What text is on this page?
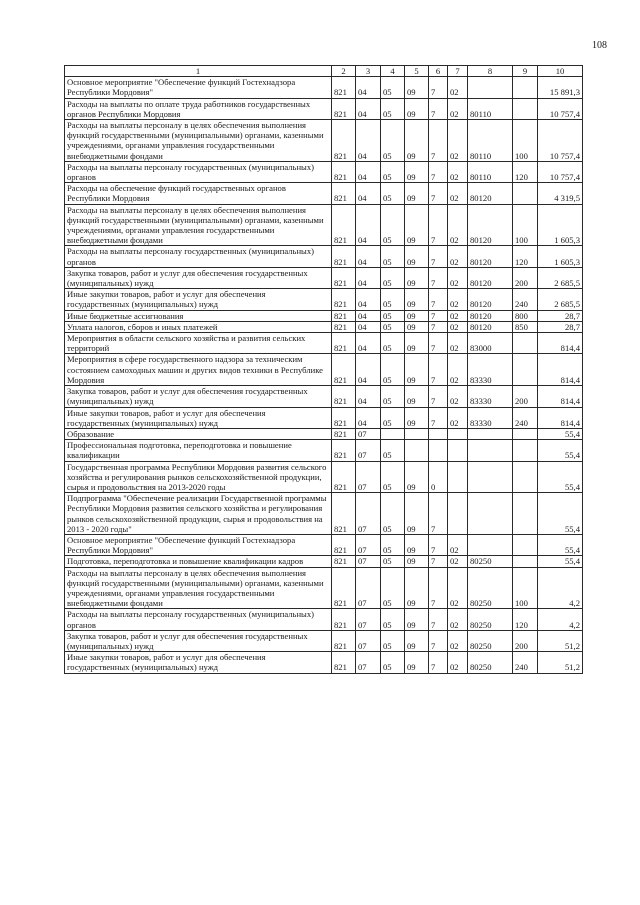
108
1	2	3	4	5	6	7	8	9	10
Основное мероприятие "Обеспечение функций Гостехнадзора Республики Мордовия"	821	04	05	09	7	02			15 891,3
Расходы на выплаты по оплате труда работников государственных органов Республики Мордовия	821	04	05	09	7	02	80110		10 757,4
Расходы на выплаты персоналу в целях обеспечения выполнения функций государственными (муниципальными) органами, казенными учреждениями, органами управления государственными внебюджетными фондами	821	04	05	09	7	02	80110	100	10 757,4
Расходы на выплаты персоналу государственных (муниципальных) органов	821	04	05	09	7	02	80110	120	10 757,4
Расходы на обеспечение функций государственных органов Республики Мордовия	821	04	05	09	7	02	80120		4 319,5
Расходы на выплаты персоналу в целях обеспечения выполнения функций государственными (муниципальными) органами, казенными учреждениями, органами управления государственными внебюджетными фондами	821	04	05	09	7	02	80120	100	1 605,3
Расходы на выплаты персоналу государственных (муниципальных) органов	821	04	05	09	7	02	80120	120	1 605,3
Закупка товаров, работ и услуг для обеспечения государственных (муниципальных) нужд	821	04	05	09	7	02	80120	200	2 685,5
Иные закупки товаров, работ и услуг для обеспечения государственных (муниципальных) нужд	821	04	05	09	7	02	80120	240	2 685,5
Иные бюджетные ассигнования	821	04	05	09	7	02	80120	800	28,7
Уплата налогов, сборов и иных платежей	821	04	05	09	7	02	80120	850	28,7
Мероприятия в области сельского хозяйства и развития сельских территорий	821	04	05	09	7	02	83000		814,4
Мероприятия в сфере государственного надзора за техническим состоянием самоходных машин и других видов техники в Республике Мордовия	821	04	05	09	7	02	83330		814,4
Закупка товаров, работ и услуг для обеспечения государственных (муниципальных) нужд	821	04	05	09	7	02	83330	200	814,4
Иные закупки товаров, работ и услуг для обеспечения государственных (муниципальных) нужд	821	04	05	09	7	02	83330	240	814,4
Образование	821	07							55,4
Профессиональная подготовка, переподготовка и повышение квалификации	821	07	05						55,4
Государственная программа Республики Мордовия развития сельского хозяйства и регулирования рынков сельскохозяйственной продукции, сырья и продовольствия на 2013-2020 годы	821	07	05	09	0				55,4
Подпрограмма "Обеспечение реализации Государственной программы Республики Мордовия развития сельского хозяйства и регулирования рынков сельскохозяйственной продукции, сырья и продовольствия на 2013 - 2020 годы"	821	07	05	09	7				55,4
Основное мероприятие "Обеспечение функций Гостехнадзора Республики Мордовия"	821	07	05	09	7	02			55,4
Подготовка, переподготовка и повышение квалификации кадров	821	07	05	09	7	02	80250		55,4
Расходы на выплаты персоналу в целях обеспечения выполнения функций государственными (муниципальными) органами, казенными учреждениями, органами управления государственными внебюджетными фондами	821	07	05	09	7	02	80250	100	4,2
Расходы на выплаты персоналу государственных (муниципальных) органов	821	07	05	09	7	02	80250	120	4,2
Закупка товаров, работ и услуг для обеспечения государственных (муниципальных) нужд	821	07	05	09	7	02	80250	200	51,2
Иные закупки товаров, работ и услуг для обеспечения государственных (муниципальных) нужд	821	07	05	09	7	02	80250	240	51,2
